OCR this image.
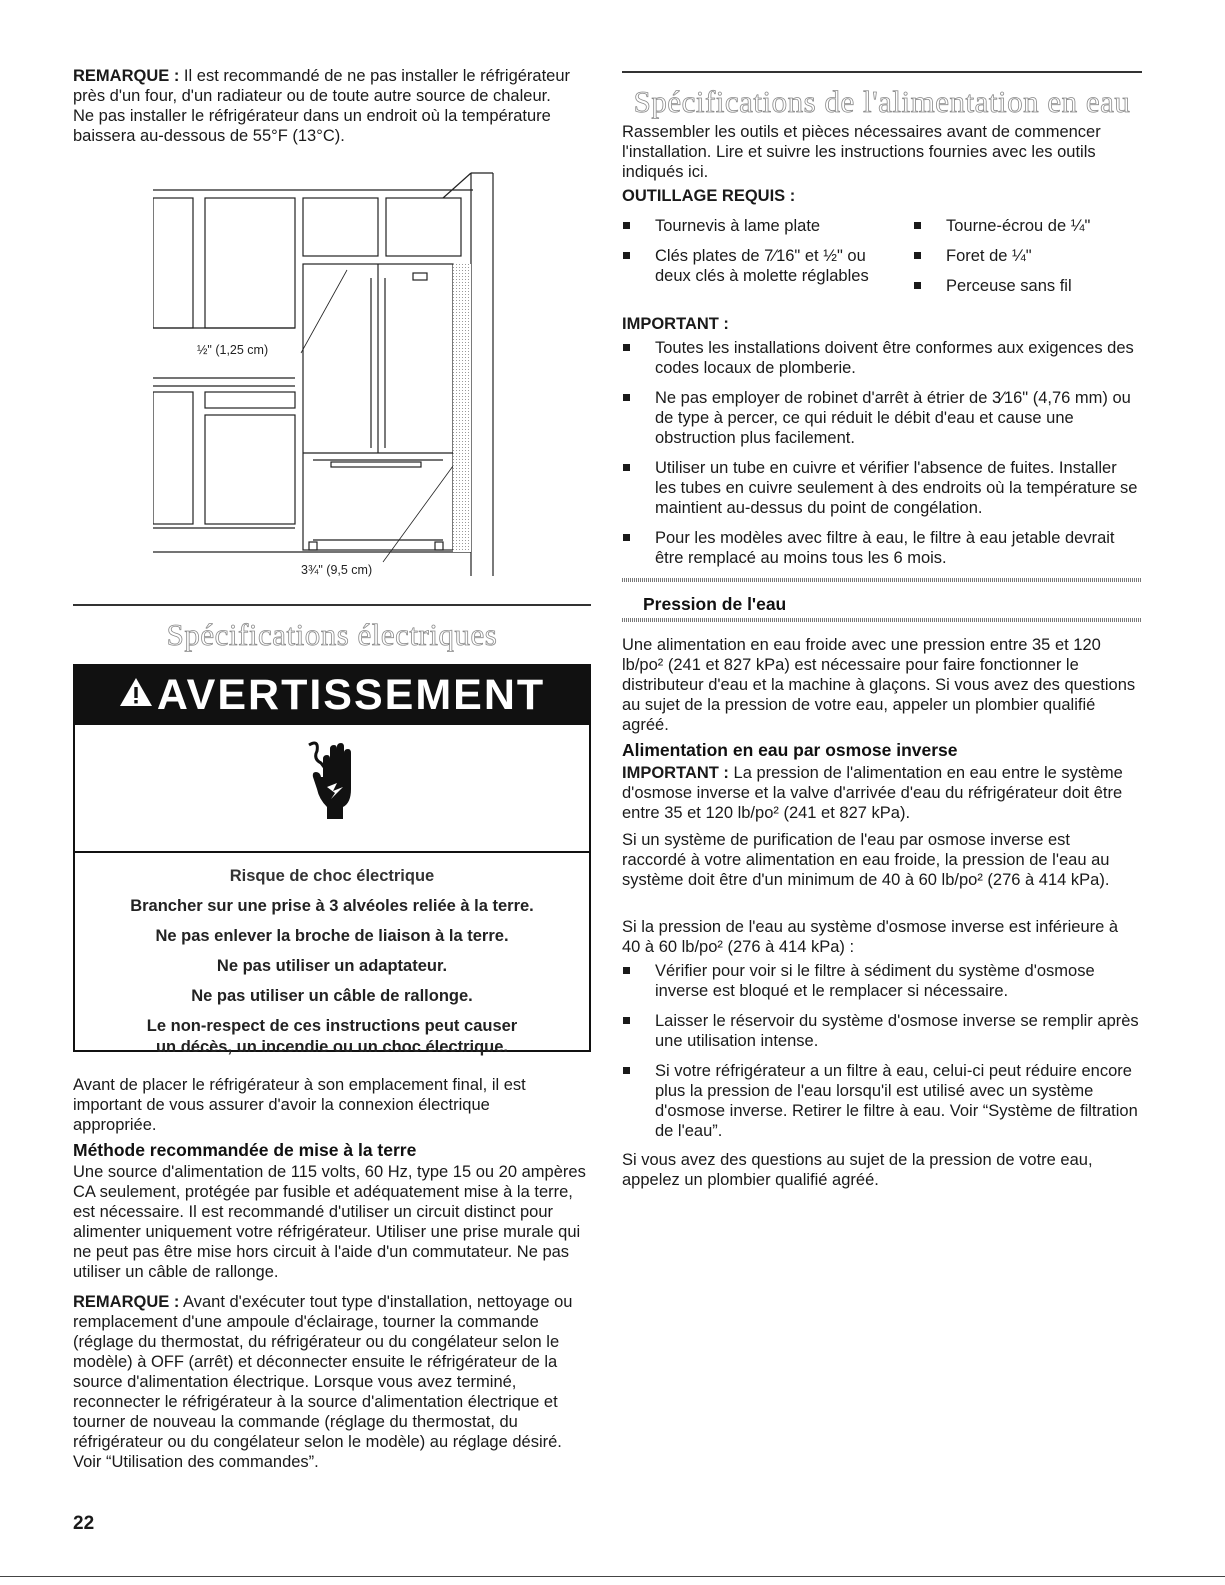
REMARQUE : Il est recommandé de ne pas installer le réfrigérateur près d'un four, d'un radiateur ou de toute autre source de chaleur. Ne pas installer le réfrigérateur dans un endroit où la température baissera au-dessous de 55°F (13°C).

½" (1,25 cm)
3¾" (9,5 cm)
Spécifications électriques

Avant de placer le réfrigérateur à son emplacement final, il est important de vous assurer d'avoir la connexion électrique appropriée.

Méthode recommandée de mise à la terre

Une source d'alimentation de 115 volts, 60 Hz, type 15 ou 20 ampères CA seulement, protégée par fusible et adéquatement mise à la terre, est nécessaire. Il est recommandé d'utiliser un circuit distinct pour alimenter uniquement votre réfrigérateur. Utiliser une prise murale qui ne peut pas être mise hors circuit à l'aide d'un commutateur. Ne pas utiliser un câble de rallonge.

REMARQUE : Avant d'exécuter tout type d'installation, nettoyage ou remplacement d'une ampoule d'éclairage, tourner la commande (réglage du thermostat, du réfrigérateur ou du congélateur selon le modèle) à OFF (arrêt) et déconnecter ensuite le réfrigérateur de la source d'alimentation électrique. Lorsque vous avez terminé, reconnecter le réfrigérateur à la source d'alimentation électrique et tourner de nouveau la commande (réglage du thermostat, du réfrigérateur ou du congélateur selon le modèle) au réglage désiré. Voir “Utilisation des commandes”.

AVERTISSEMENT

Risque de choc électrique

Brancher sur une prise à 3 alvéoles reliée à la terre.

Ne pas enlever la broche de liaison à la terre.

Ne pas utiliser un adaptateur.

Ne pas utiliser un câble de rallonge.

Le non-respect de ces instructions peut causer
un décès, un incendie ou un choc électrique.

Spécifications de l'alimentation en eau

Rassembler les outils et pièces nécessaires avant de commencer l'installation. Lire et suivre les instructions fournies avec les outils indiqués ici.

OUTILLAGE REQUIS :
Tournevis à lame plate
Clés plates de 7⁄16" et ½" ou deux clés à molette réglables
Tourne-écrou de ¼"
Foret de ¼"
Perceuse sans fil
IMPORTANT :
Toutes les installations doivent être conformes aux exigences des codes locaux de plomberie.
Ne pas employer de robinet d'arrêt à étrier de 3⁄16" (4,76 mm) ou de type à percer, ce qui réduit le débit d'eau et cause une obstruction plus facilement.
Utiliser un tube en cuivre et vérifier l'absence de fuites. Installer les tubes en cuivre seulement à des endroits où la température se maintient au-dessus du point de congélation.
Pour les modèles avec filtre à eau, le filtre à eau jetable devrait être remplacé au moins tous les 6 mois.
Pression de l'eau

Une alimentation en eau froide avec une pression entre 35 et 120 lb/po² (241 et 827 kPa) est nécessaire pour faire fonctionner le distributeur d'eau et la machine à glaçons. Si vous avez des questions au sujet de la pression de votre eau, appeler un plombier qualifié agréé.

Alimentation en eau par osmose inverse

IMPORTANT : La pression de l'alimentation en eau entre le système d'osmose inverse et la valve d'arrivée d'eau du réfrigérateur doit être entre 35 et 120 lb/po² (241 et 827 kPa).

Si un système de purification de l'eau par osmose inverse est raccordé à votre alimentation en eau froide, la pression de l'eau au système doit être d'un minimum de 40 à 60 lb/po² (276 à 414 kPa).

Si la pression de l'eau au système d'osmose inverse est inférieure à 40 à 60 lb/po² (276 à 414 kPa) :

Vérifier pour voir si le filtre à sédiment du système d'osmose inverse est bloqué et le remplacer si nécessaire.
Laisser le réservoir du système d'osmose inverse se remplir après une utilisation intense.
Si votre réfrigérateur a un filtre à eau, celui-ci peut réduire encore plus la pression de l'eau lorsqu'il est utilisé avec un système d'osmose inverse. Retirer le filtre à eau. Voir “Système de filtration de l'eau”.

Si vous avez des questions au sujet de la pression de votre eau, appelez un plombier qualifié agréé.

22
